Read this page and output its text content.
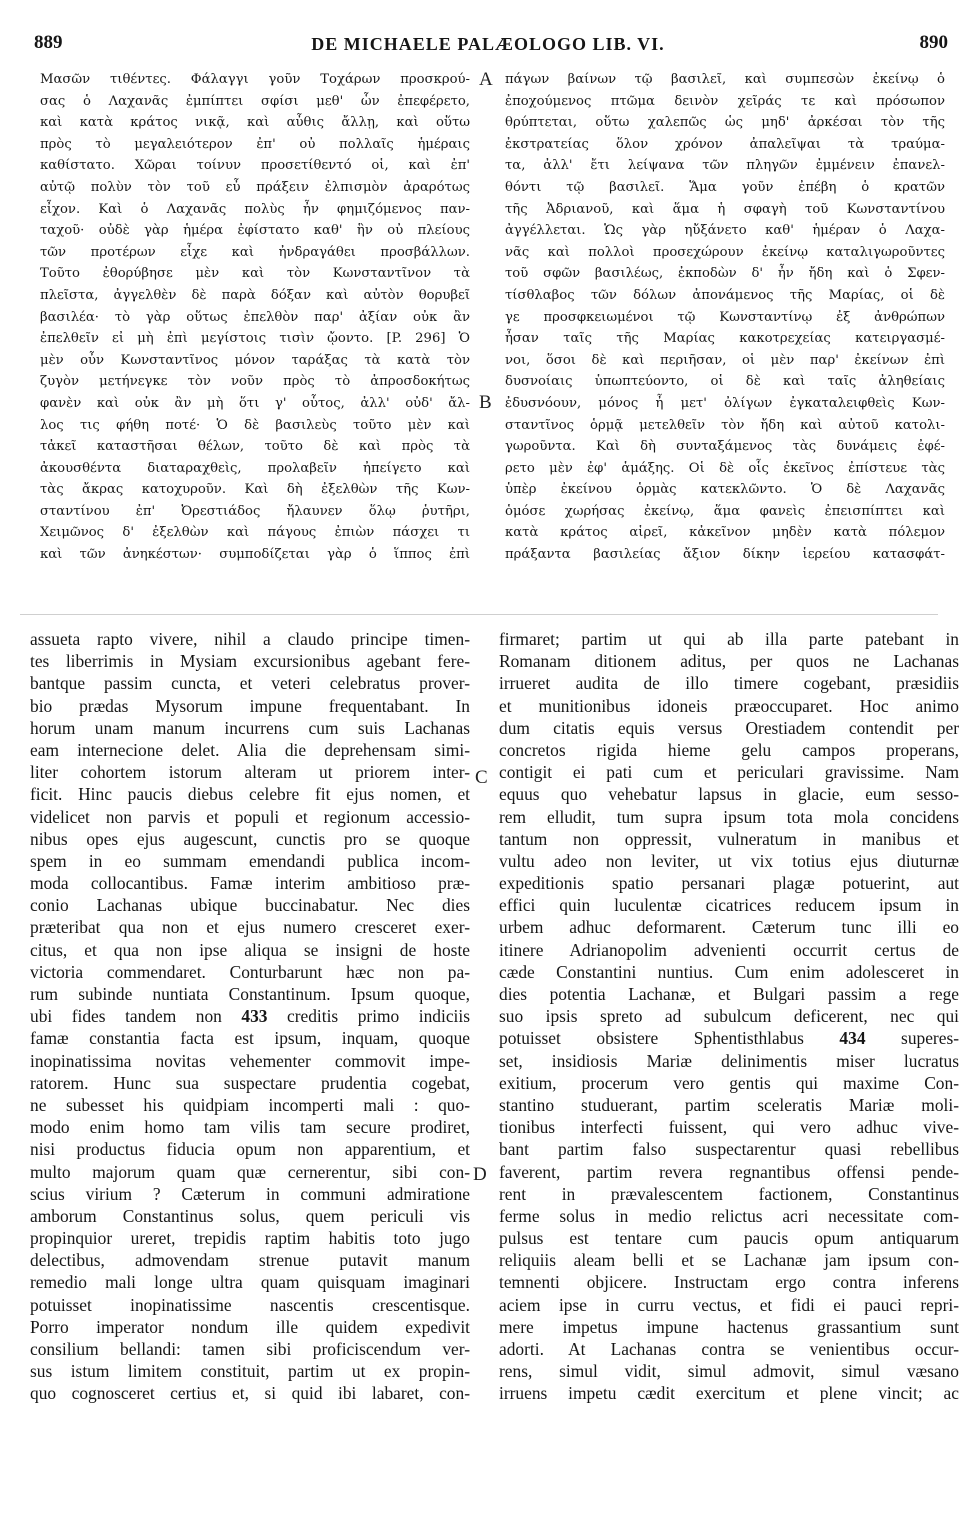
889	DE MICHAELE PALÆOLOGO LIB. VI.	890
Μασῶν τιθέντες. Φάλαγγι γοῦν Τοχάρων προσκρού-
σας ὁ Λαχανᾶς ἐμπίπτει σφίσι μεθ' ὧν ἐπεφέρετο,
καὶ κατὰ κράτος νικᾷ, καὶ αὖθις ἄλλῃ, καὶ οὕτω
πρὸς τὸ μεγαλειότερον ἐπ' οὐ πολλαῖς ἡμέραις
καθίστατο. Χῶραι τοίνυν προσετίθεντό οἱ, καὶ ἐπ'
αὐτῷ πολὺν τὸν τοῦ εὖ πράξειν ἐλπισμὸν ἀραρότως
εἶχον. Καὶ ὁ Λαχανᾶς πολὺς ἦν φημιζόμενος παν-
ταχοῦ· οὐδὲ γὰρ ἡμέρα ἐφίστατο καθ' ἣν οὐ πλείους
τῶν προτέρων εἶχε καὶ ἠνδραγάθει προσβάλλων.
Τοῦτο ἐθορύβησε μὲν καὶ τὸν Κωνσταντῖνον τὰ
πλεῖστα, ἀγγελθὲν δὲ παρὰ δόξαν καὶ αὐτὸν θορυβεῖ
βασιλέα· τὸ γὰρ οὕτως ἐπελθὸν παρ' ἀξίαν οὐκ ἂν
ἐπελθεῖν εἰ μὴ ἐπὶ μεγίστοις τισὶν ᾤοντο. [P. 296] Ὁ
μὲν οὖν Κωνσταντῖνος μόνον ταράξας τὰ κατὰ τὸν
ζυγὸν μετήνεγκε τὸν νοῦν πρὸς τὸ ἀπροσδοκήτως
φανὲν καὶ οὐκ ἂν μὴ ὅτι γ' οὗτος, ἀλλ' οὐδ' ἄλ-
λος τις φήθη ποτέ· Ὁ δὲ βασιλεὺς τοῦτο μὲν καὶ
τἀκεῖ καταστῆσαι θέλων, τοῦτο δὲ καὶ πρὸς τὰ
ἀκουσθέντα διαταραχθεὶς, προλαβεῖν ἠπείγετο καὶ
τὰς ἄκρας κατοχυροῦν. Καὶ δὴ ἐξελθὼν τῆς Κων-
σταντίνου ἐπ' Ὀρεστιάδος ἤλαυνεν ὅλῳ ῥυτῆρι,
Χειμῶνος δ' ἐξελθὼν καὶ πάγους ἐπιὼν πάσχει τι
καὶ τῶν ἀνηκέστων· συμποδίζεται γὰρ ὁ ἵππος ἐπὶ
πάγων βαίνων τῷ βασιλεῖ, καὶ συμπεσὼν ἐκείνῳ ὁ
ἐποχούμενος πτῶμα δεινὸν χεῖράς τε καὶ πρόσωπον
θρύπτεται, οὕτω χαλεπῶς ὡς μηδ' ἀρκέσαι τὸν τῆς
ἐκστρατείας ὅλον χρόνον ἀπαλεῖψαι τὰ τραύμα-
τα, ἀλλ' ἔτι λείψανα τῶν πληγῶν ἐμμένειν ἐπανελ-
θόντι τῷ βασιλεῖ. Ἅμα γοῦν ἐπέβη ὁ κρατῶν
τῆς Ἀδριανοῦ, καὶ ἅμα ἡ σφαγὴ τοῦ Κωνσταντίνου
ἀγγέλλεται. Ὡς γὰρ ηὔξάνετο καθ' ἡμέραν ὁ Λαχα-
νᾶς καὶ πολλοὶ προσεχώρουν ἐκείνῳ καταλιγωροῦντες
τοῦ σφῶν βασιλέως, ἐκποδὼν δ' ἦν ἤδη καὶ ὁ Σφεν-
τίσθλαβος τῶν δόλων ἀπονάμενος τῆς Μαρίας, οἱ δὲ
γε προσφκειωμένοι τῷ Κωνσταντίνῳ ἐξ ἀνθρώπων
ἦσαν ταῖς τῆς Μαρίας κακοτρεχείας κατειργασμέ-
νοι, ὅσοι δὲ καὶ περιῆσαν, οἱ μὲν παρ' ἐκείνων ἐπὶ
δυσνοίαις ὑπωπτεύοντο, οἱ δὲ καὶ ταῖς ἀληθείαις
ἐδυσνόουν, μόνος ἦ μετ' ὀλίγων ἐγκαταλειφθεὶς Κων-
σταντῖνος ὁρμᾷ μετελθεῖν τὸν ἤδη καὶ αὐτοῦ κατολι-
γωροῦντα. Καὶ δὴ συνταξάμενος τὰς δυνάμεις ἐφέ-
ρετο μὲν ἐφ' ἁμάξης. Οἱ δὲ οἷς ἐκεῖνος ἐπίστευε τὰς
ὑπὲρ ἐκείνου ὁρμὰς κατεκλῶντο. Ὁ δὲ Λαχανᾶς
ὁμόσε χωρήσας ἐκείνῳ, ἅμα φανεὶς ἐπεισπίπτει καὶ
κατὰ κράτος αἱρεῖ, κἀκεῖνον μηδὲν κατὰ πόλεμον
πράξαντα βασιλείας ἄξιον δίκην ἱερείου κατασφάτ-
A
B
assueta rapto vivere, nihil a claudo principe timen-
tes liberrimis in Mysiam excursionibus agebant fere-
bantque passim cuncta, et veteri celebratus prover-
bio prædas Mysorum impune frequentabant. In
horum unam manum incurrens cum suis Lachanas
eam internecione delet. Alia die deprehensam simi-
liter cohortem istorum alteram ut priorem inter-
ficit. Hinc paucis diebus celebre fit ejus nomen, et
videlicet non parvis et populi et regionum accessio-
nibus opes ejus augescunt, cunctis pro se quoque
spem in eo summam emendandi publica incom-
moda collocantibus. Famæ interim ambitioso præ-
conio Lachanas ubique buccinabatur. Nec dies
præteribat qua non et ejus numero cresceret exer-
citus, et qua non ipse aliqua se insigni de hoste
victoria commendaret. Conturbarunt hæc non pa-
rum subinde nuntiata Constantinum. Ipsum quoque,
ubi fides tandem non 433 creditis primo indiciis
famæ constantia facta est ipsum, inquam, quoque
inopinatissima novitas vehementer commovit impe-
ratorem. Hunc sua suspectare prudentia cogebat,
ne subesset his quidpiam incomperti mali : quo-
modo enim homo tam vilis tam secure prodiret,
nisi productus fiducia opum non apparentium, et
multo majorum quam quæ cernerentur, sibi con-
scius virium ? Cæterum in communi admiratione
amborum Constantinus solus, quem periculi vis
propinquior ureret, trepidis raptim habitis toto jugo
delectibus, admovendam strenue putavit manum
remedio mali longe ultra quam quisquam imaginari
potuisset inopinatissime nascentis crescentisque.
Porro imperator nondum ille quidem expedivit
consilium bellandi: tamen sibi proficiscendum ver-
sus istum limitem constituit, partim ut ex propin-
quo cognosceret certius et, si quid ibi labaret, con-
firmaret; partim ut qui ab illa parte patebant in
Romanam ditionem aditus, per quos ne Lachanas
irrueret audita de illo timere cogebant, præsidiis
et munitionibus idoneis præoccuparet. Hoc animo
dum citatis equis versus Orestiadem contendit per
concretos rigida hieme gelu campos properans,
contigit ei pati cum et periculari gravissime. Nam
equus quo vehebatur lapsus in glacie, eum sesso-
rem elludit, tum supra ipsum tota mola concidens
tantum non oppressit, vulneratum in manibus et
vultu adeo non leviter, ut vix totius ejus diuturnæ
expeditionis spatio persanari plagæ potuerint, aut
effici quin luculentæ cicatrices reducem ipsum in
urbem adhuc deformarent. Cæterum tunc illi eo
itinere Adrianopolim advenienti occurrit certus de
cæde Constantini nuntius. Cum enim adolesceret in
dies potentia Lachanæ, et Bulgari passim a rege
suo ipsis spreto ad subulcum deficerent, nec qui
potuisset obsistere Sphentisthlabus 434 superes-
set, insidiosis Mariæ delinimentis miser lucratus
exitium, procerum vero gentis qui maxime Con-
stantino studuerant, partim sceleratis Mariæ moli-
tionibus interfecti fuissent, qui vero adhuc vive-
bant partim falso suspectarentur quasi rebellibus
faverent, partim revera regnantibus offensi pende-
rent in prævalescentem factionem, Constantinus
ferme solus in medio relictus acri necessitate com-
pulsus est tentare cum paucis opum antiquarum
reliquiis aleam belli et se Lachanæ jam ipsum con-
temnenti objicere. Instructam ergo contra inferens
aciem ipse in curru vectus, et fidi ei pauci repri-
mere impetus impune hactenus grassantium sunt
adorti. At Lachanas contra se venientibus occur-
rens, simul vidit, simul admovit, simul væsano
irruens impetu cædit exercitum et plene vincit; ac
C
D
